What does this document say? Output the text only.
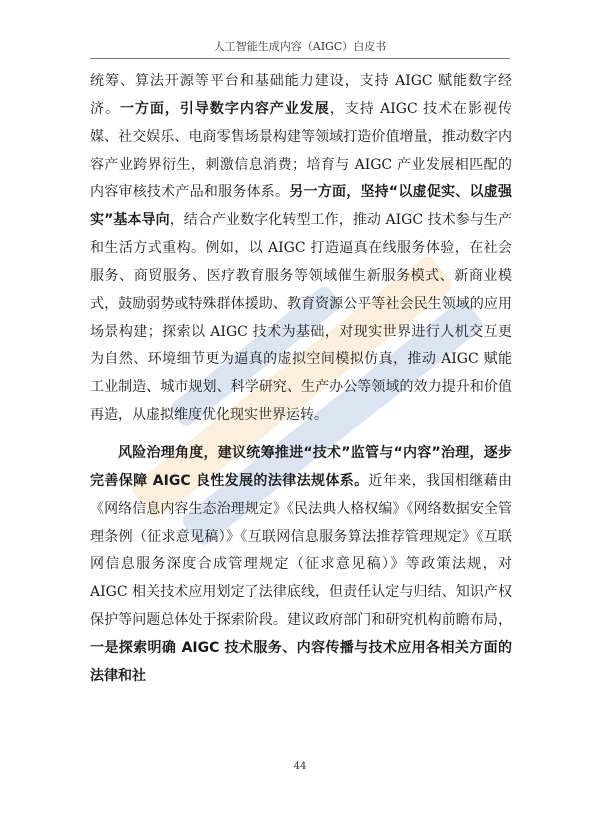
人工智能生成内容（AIGC）白皮书

统筹、算法开源等平台和基础能力建设，支持 AIGC 赋能数字经济。一方面，引导数字内容产业发展，支持 AIGC 技术在影视传媒、社交娱乐、电商零售场景构建等领域打造价值增量，推动数字内容产业跨界衍生，刺激信息消费；培育与 AIGC 产业发展相匹配的内容审核技术产品和服务体系。另一方面，坚持“以虚促实、以虚强实”基本导向，结合产业数字化转型工作，推动 AIGC 技术参与生产和生活方式重构。例如，以 AIGC 打造逼真在线服务体验，在社会服务、商贸服务、医疗教育服务等领域催生新服务模式、新商业模式，鼓励弱势或特殊群体援助、教育资源公平等社会民生领域的应用场景构建；探索以 AIGC 技术为基础，对现实世界进行人机交互更为自然、环境细节更为逼真的虚拟空间模拟仿真，推动 AIGC 赋能工业制造、城市规划、科学研究、生产办公等领域的效力提升和价值再造，从虚拟维度优化现实世界运转。

风险治理角度，建议统筹推进“技术”监管与“内容”治理，逐步完善保障 AIGC 良性发展的法律法规体系。近年来，我国相继藉由《网络信息内容生态治理规定》《民法典人格权编》《网络数据安全管理条例（征求意见稿）》《互联网信息服务算法推荐管理规定》《互联网信息服务深度合成管理规定（征求意见稿）》等政策法规，对 AIGC 相关技术应用划定了法律底线，但责任认定与归结、知识产权保护等问题总体处于探索阶段。建议政府部门和研究机构前瞻布局，一是探索明确 AIGC 技术服务、内容传播与技术应用各相关方面的法律和社

44
